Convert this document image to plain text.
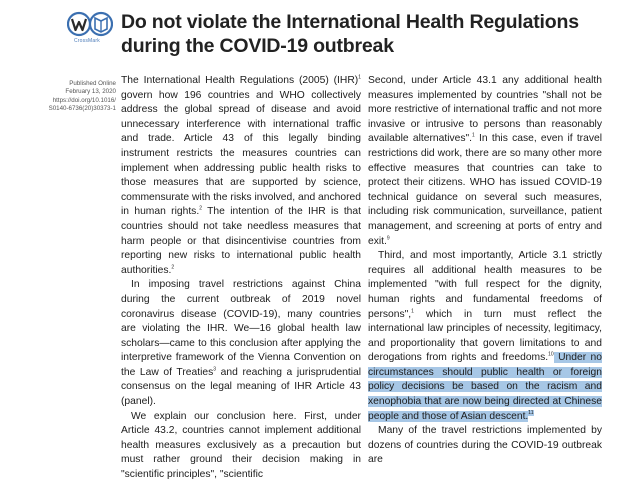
CrossMark
Do not violate the International Health Regulations during the COVID-19 outbreak
Published Online
February 13, 2020
https://doi.org/10.1016/
S0140-6736(20)30373-1

The International Health Regulations (2005) (IHR)$^1$ govern how 196 countries and WHO collectively address the global spread of disease and avoid unnecessary interference with international traffic and trade. Article 43 of this legally binding instrument restricts the measures countries can implement when addressing public health risks to those measures that are supported by science, commensurate with the risks involved, and anchored in human rights.$^2$ The intention of the IHR is that countries should not take needless measures that harm people or that disincentivise countries from reporting new risks to international public health authorities.$^2$

In imposing travel restrictions against China during the current outbreak of 2019 novel coronavirus disease (COVID-19), many countries are violating the IHR. We—16 global health law scholars—came to this conclusion after applying the interpretive framework of the Vienna Convention on the Law of Treaties$^3$ and reaching a jurisprudential consensus on the legal meaning of IHR Article 43 (panel).

We explain our conclusion here. First, under Article 43.2, countries cannot implement additional health measures exclusively as a precaution but must rather ground their decision making in "scientific principles", "scientific

Second, under Article 43.1 any additional health measures implemented by countries "shall not be more restrictive of international traffic and not more invasive or intrusive to persons than reasonably available alternatives".$^1$ In this case, even if travel restrictions did work, there are so many other more effective measures that countries can take to protect their citizens. WHO has issued COVID-19 technical guidance on several such measures, including risk communication, surveillance, patient management, and screening at ports of entry and exit.$^9$

Third, and most importantly, Article 3.1 strictly requires all additional health measures to be implemented "with full respect for the dignity, human rights and fundamental freedoms of persons",$^1$ which in turn must reflect the international law principles of necessity, legitimacy, and proportionality that govern limitations to and derogations from rights and freedoms.$^{10}$ Under no circumstances should public health or foreign policy decisions be based on the racism and xenophobia that are now being directed at Chinese people and those of Asian descent.$^{11}$

Many of the travel restrictions implemented by dozens of countries during the COVID-19 outbreak are
